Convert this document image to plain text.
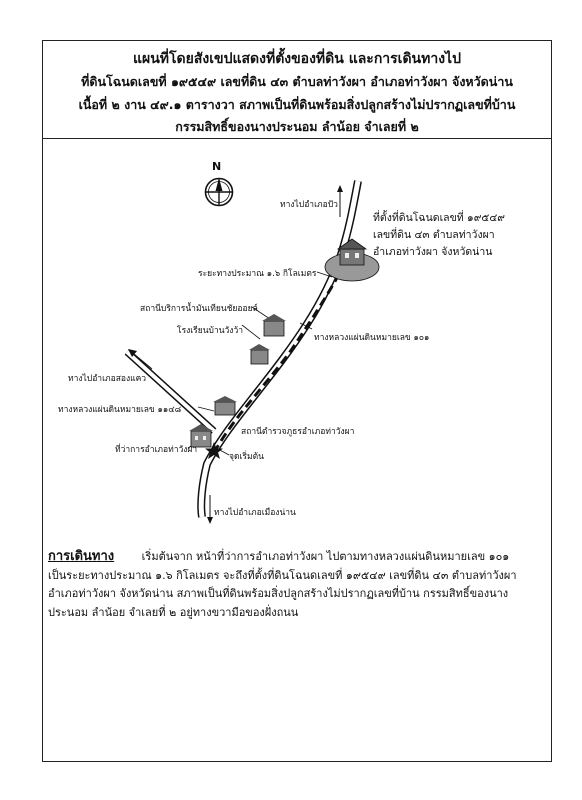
แผนที่โดยสังเขปแสดงที่ตั้งของที่ดิน และการเดินทางไป
ที่ดินโฉนดเลขที่ ๑๙๕๔๙ เลขที่ดิน ๔๓ ตำบลท่าวังผา อำเภอท่าวังผา จังหวัดน่าน
เนื้อที่ ๒ งาน ๔๙.๑ ตารางวา สภาพเป็นที่ดินพร้อมสิ่งปลูกสร้างไม่ปรากฏเลขที่บ้าน
กรรมสิทธิ์ของนางประนอม ลำน้อย จำเลยที่ ๒
ทางไปอำเภอปัว
ระยะทางประมาณ ๑.๖ กิโลเมตร
สถานีบริการน้ำมันเทียนชัยออยล์
โรงเรียนบ้านวังว้า
ทางหลวงแผ่นดินหมายเลข ๑๐๑
ทางไปอำเภอสองแคว
ทางหลวงแผ่นดินหมายเลข ๑๑๔๘
สถานีตำรวจภูธรอำเภอท่าวังผา
ที่ว่าการอำเภอท่าวังผา
จุดเริ่มต้น
ทางไปอำเภอเมืองน่าน
ที่ตั้งที่ดินโฉนดเลขที่ ๑๙๕๔๙
เลขที่ดิน ๔๓ ตำบลท่าวังผา
อำเภอท่าวังผา จังหวัดน่าน
การเดินทาง	เริ่มต้นจาก หน้าที่ว่าการอำเภอท่าวังผา ไปตามทางหลวงแผ่นดินหมายเลข ๑๐๑
เป็นระยะทางประมาณ ๑.๖ กิโลเมตร จะถึงที่ตั้งที่ดินโฉนดเลขที่ ๑๙๕๔๙ เลขที่ดิน ๔๓ ตำบลท่าวังผา
อำเภอท่าวังผา จังหวัดน่าน สภาพเป็นที่ดินพร้อมสิ่งปลูกสร้างไม่ปรากฏเลขที่บ้าน กรรมสิทธิ์ของนาง
ประนอม ลำน้อย จำเลยที่ ๒ อยู่ทางขวามือของฝั่งถนน
N
